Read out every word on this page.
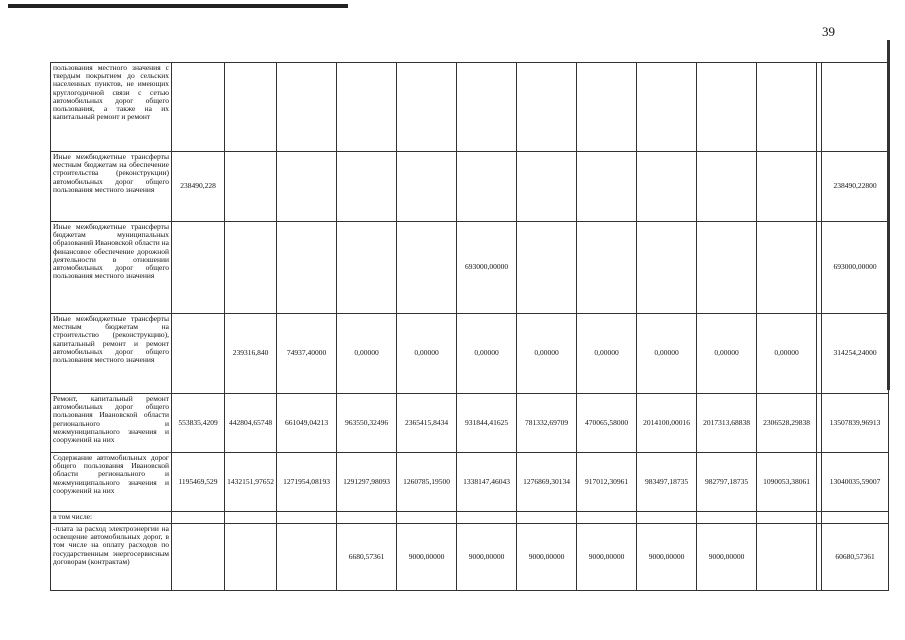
39
пользования местного значения с твердым покрытием до сельских населенных пунктов, не имеющих круглогодичной связи с сетью автомобильных дорог общего пользования, а также на их капитальный ремонт и ремонт													
Иные межбюджетные трансферты местным бюджетам на обеспечение строительства (реконструкции) автомобильных дорог общего пользования местного значения	238490,228												238490,22800
Иные межбюджетные трансферты бюджетам муниципальных образований Ивановской области на финансовое обеспечение дорожной деятельности в отношении автомобильных дорог общего пользования местного значения						693000,00000							693000,00000
Иные межбюджетные трансферты местным бюджетам на строительство (реконструкцию), капитальный ремонт и ремонт автомобильных дорог общего пользования местного значения		239316,840	74937,40000	0,00000	0,00000	0,00000	0,00000	0,00000	0,00000	0,00000	0,00000		314254,24000
Ремонт, капитальный ремонт автомобильных дорог общего пользования Ивановской области регионального и межмуниципального значения и сооружений на них	553835,4209	442804,65748	661049,04213	963550,32496	2365415,8434	931844,41625	781332,69709	470065,58000	2014100,00016	2017313,68838	2306528,29838		13507839,96913
Содержание автомобильных дорог общего пользования Ивановской области регионального и межмуниципального значения и сооружений на них	1195469,529	1432151,97652	1271954,08193	1291297,98093	1260785,19500	1338147,46043	1276869,30134	917012,30961	983497,18735	982797,18735	1090053,38061		13040035,59007
в том числе:													
-плата за расход электроэнергии на освещение автомобильных дорог, в том числе на оплату расходов по государственным энергосервисным договорам (контрактам)				6680,57361	9000,00000	9000,00000	9000,00000	9000,00000	9000,00000	9000,00000			60680,57361
